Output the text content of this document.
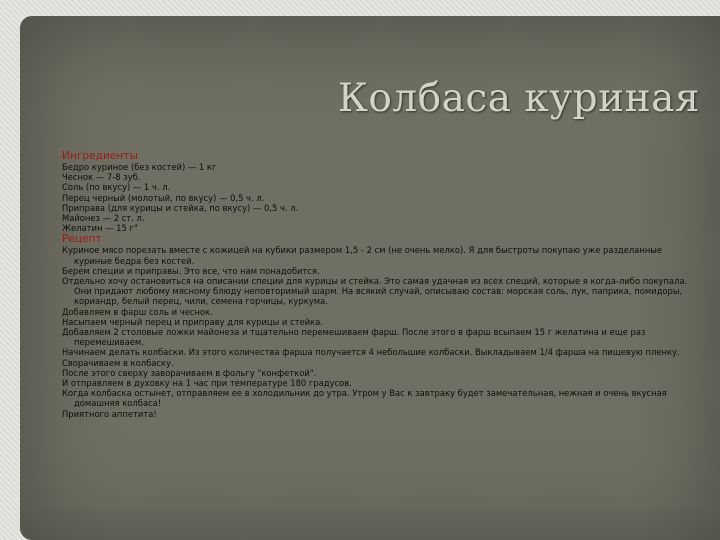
Колбаса куриная
Ингредиенты
Бедро куриное (без костей) — 1 кг
Чеснок — 7-8 зуб.
Соль (по вкусу) — 1 ч. л.
Перец черный (молотый, по вкусу) — 0,5 ч. л.
Приправа (для курицы и стейка, по вкусу) — 0,5 ч. л.
Майонез — 2 ст. л.
Желатин — 15 г"
Рецепт
Куриное мясо порезать вместе с кожицей на кубики размером 1,5 - 2 см (не очень мелко). Я для быстроты покупаю уже разделанные куриные бедра без костей.
Берем специи и приправы. Это все, что нам понадобится.
Отдельно хочу остановиться на описании специи для курицы и стейка. Это самая удачная из всех специй, которые я когда-либо покупала. Они придают любому мясному блюду неповторимый шарм. На всякий случай, описываю состав: морская соль, лук, паприка, помидоры, кориандр, белый перец, чили, семена горчицы, куркума.
Добавляем в фарш соль и чеснок.
Насыпаем черный перец и приправу для курицы и стейка.
Добавляем 2 столовые ложки майонеза и тщательно перемешиваем фарш. После этого в фарш всыпаем 15 г желатина и еще раз перемешиваем.
Начинаем делать колбаски. Из этого количества фарша получается 4 небольшие колбаски. Выкладываем 1/4 фарша на пищевую пленку.
Сворачиваем в колбаску.
После этого сверху заворачиваем в фольгу "конфеткой".
И отправляем в духовку на 1 час при температуре 180 градусов.
Когда колбаска остынет, отправляем ее в холодильник до утра. Утром у Вас к завтраку будет замечательная, нежная и очень вкусная домашняя колбаса!
Приятного аппетита!
